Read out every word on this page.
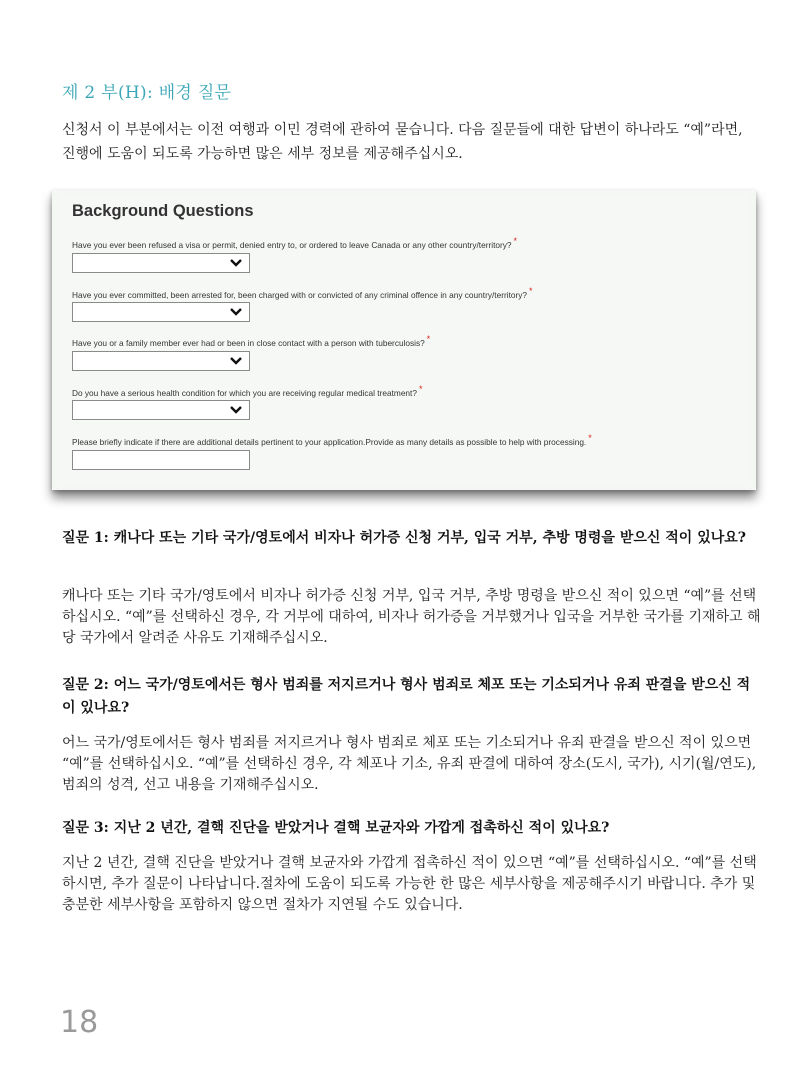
제 2 부(H): 배경 질문
신청서 이 부분에서는 이전 여행과 이민 경력에 관하여 묻습니다. 다음 질문들에 대한 답변이 하나라도 “예”라면, 진행에 도움이 되도록 가능하면 많은 세부 정보를 제공해주십시오.
Background Questions
Have you ever been refused a visa or permit, denied entry to, or ordered to leave Canada or any other country/territory? *
Have you ever committed, been arrested for, been charged with or convicted of any criminal offence in any country/territory? *
Have you or a family member ever had or been in close contact with a person with tuberculosis? *
Do you have a serious health condition for which you are receiving regular medical treatment? *
Please briefly indicate if there are additional details pertinent to your application.Provide as many details as possible to help with processing. *
질문 1: 캐나다 또는 기타 국가/영토에서 비자나 허가증 신청 거부, 입국 거부, 추방 명령을 받으신 적이 있나요?
캐나다 또는 기타 국가/영토에서 비자나 허가증 신청 거부, 입국 거부, 추방 명령을 받으신 적이 있으면 “예”를 선택하십시오. “예”를 선택하신 경우, 각 거부에 대하여, 비자나 허가증을 거부했거나 입국을 거부한 국가를 기재하고 해당 국가에서 알려준 사유도 기재해주십시오.
질문 2: 어느 국가/영토에서든 형사 범죄를 저지르거나 형사 범죄로 체포 또는 기소되거나 유죄 판결을 받으신 적이 있나요?
어느 국가/영토에서든 형사 범죄를 저지르거나 형사 범죄로 체포 또는 기소되거나 유죄 판결을 받으신 적이 있으면 “예”를 선택하십시오. “예”를 선택하신 경우, 각 체포나 기소, 유죄 판결에 대하여 장소(도시, 국가), 시기(월/연도), 범죄의 성격, 선고 내용을 기재해주십시오.
질문 3: 지난 2 년간, 결핵 진단을 받았거나 결핵 보균자와 가깝게 접촉하신 적이 있나요?
지난 2 년간, 결핵 진단을 받았거나 결핵 보균자와 가깝게 접촉하신 적이 있으면 “예”를 선택하십시오. “예”를 선택하시면, 추가 질문이 나타납니다.절차에 도움이 되도록 가능한 한 많은 세부사항을 제공해주시기 바랍니다. 추가 및 충분한 세부사항을 포함하지 않으면 절차가 지연될 수도 있습니다.
18
